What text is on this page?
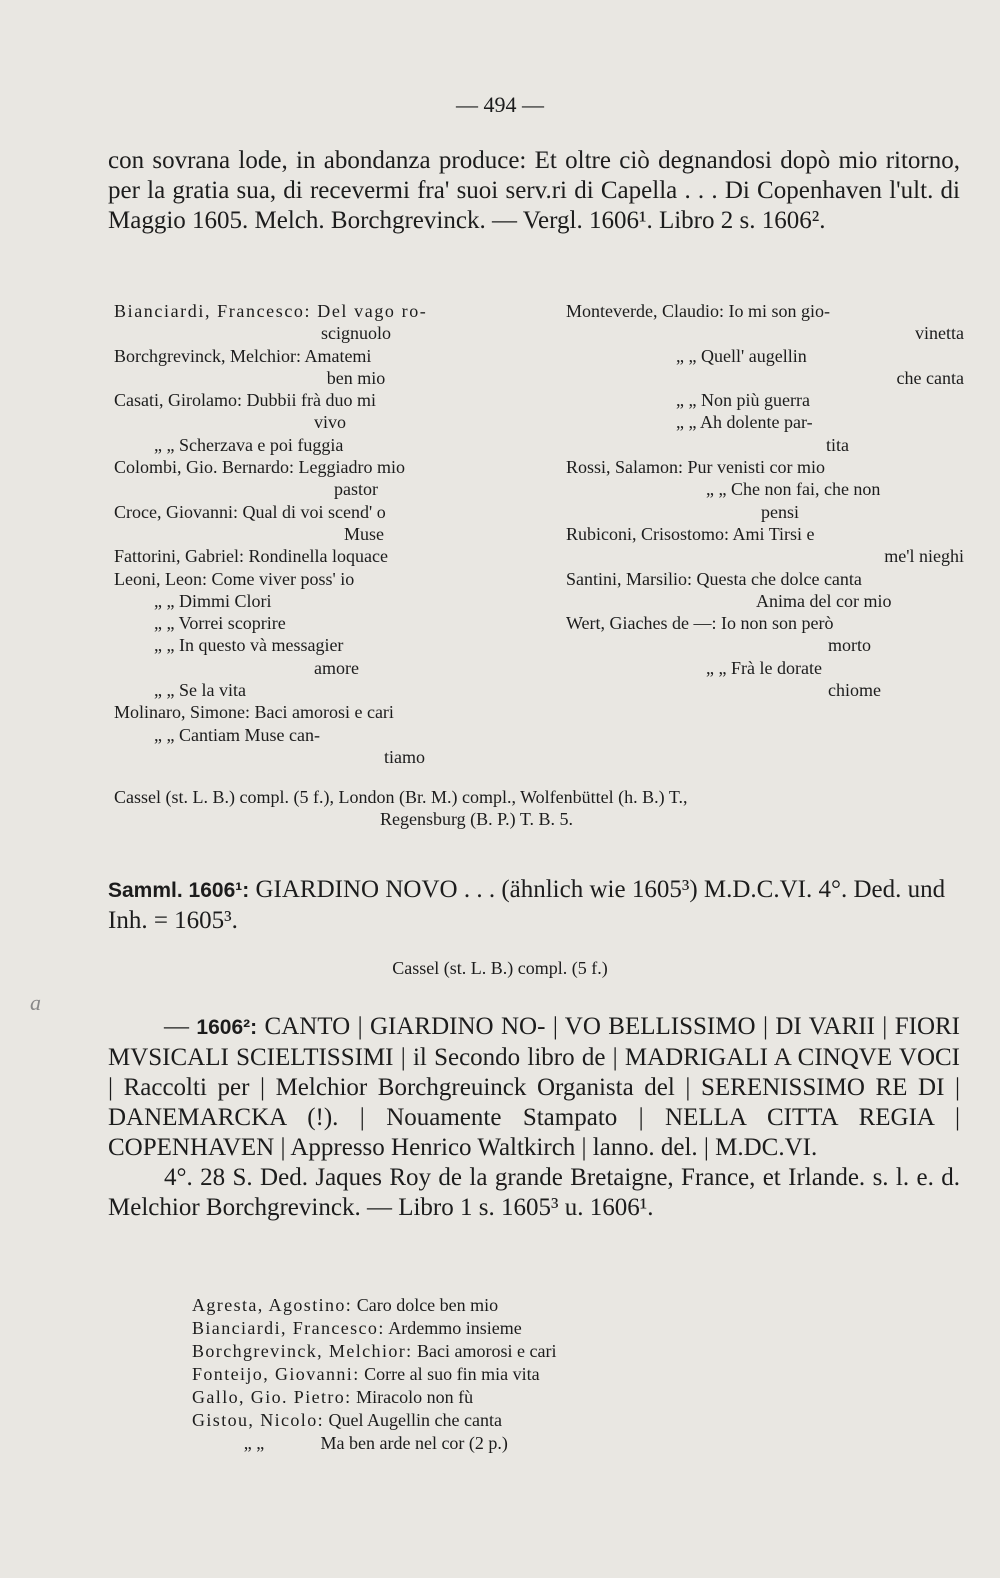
— 494 —
con sovrana lode, in abondanza produce: Et oltre ciò degnandosi dopò mio ritorno, per la gratia sua, di recevermi fra' suoi serv.ri di Capella . . . Di Copenhaven l'ult. di Maggio 1605. Melch. Borchgrevinck. — Vergl. 1606¹. Libro 2 s. 1606².
Bianciardi, Francesco: Del vago ro-
scignuolo
Borchgrevinck, Melchior: Amatemi
ben mio
Casati, Girolamo: Dubbii frà duo mi
vivo
„ „ Scherzava e poi fuggia
Colombi, Gio. Bernardo: Leggiadro mio
pastor
Croce, Giovanni: Qual di voi scend' o
Muse
Fattorini, Gabriel: Rondinella loquace
Leoni, Leon: Come viver poss' io
„ „ Dimmi Clori
„ „ Vorrei scoprire
„ „ In questo và messagier
amore
„ „ Se la vita
Molinaro, Simone: Baci amorosi e cari
„ „ Cantiam Muse can-
tiamo
Monteverde, Claudio: Io mi son gio-
vinetta
„ „ Quell' augellin
che canta
„ „ Non più guerra
„ „ Ah dolente par-
tita
Rossi, Salamon: Pur venisti cor mio
„ „ Che non fai, che non
pensi
Rubiconi, Crisostomo: Ami Tirsi e
me'l nieghi
Santini, Marsilio: Questa che dolce canta
Anima del cor mio
Wert, Giaches de —: Io non son però
morto
„ „ Frà le dorate
chiome
Cassel (st. L. B.) compl. (5 f.), London (Br. M.) compl., Wolfenbüttel (h. B.) T.,
Regensburg (B. P.) T. B. 5.
Samml. 1606¹: GIARDINO NOVO . . . (ähnlich wie 1605³) M.D.C.VI. 4°. Ded. und Inh. = 1605³.
Cassel (st. L. B.) compl. (5 f.)
a

— 1606²: CANTO | GIARDINO NO- | VO BELLISSIMO | DI VARII | FIORI MVSICALI SCIELTISSIMI | il Secondo libro de | MADRIGALI A CINQVE VOCI | Raccolti per | Melchior Borchgreuinck Organista del | SERENISSIMO RE DI | DANEMARCKA (!). | Nouamente Stampato | NELLA CITTA REGIA | COPENHAVEN | Appresso Henrico Waltkirch | lanno. del. | M.DC.VI.

4°. 28 S. Ded. Jaques Roy de la grande Bretaigne, France, et Irlande. s. l. e. d. Melchior Borchgrevinck. — Libro 1 s. 1605³ u. 1606¹.

Agresta, Agostino: Caro dolce ben mio
Bianciardi, Francesco: Ardemmo insieme
Borchgrevinck, Melchior: Baci amorosi e cari
Fonteijo, Giovanni: Corre al suo fin mia vita
Gallo, Gio. Pietro: Miracolo non fù
Gistou, Nicolo: Quel Augellin che canta
„ „	Ma ben arde nel cor (2 p.)
